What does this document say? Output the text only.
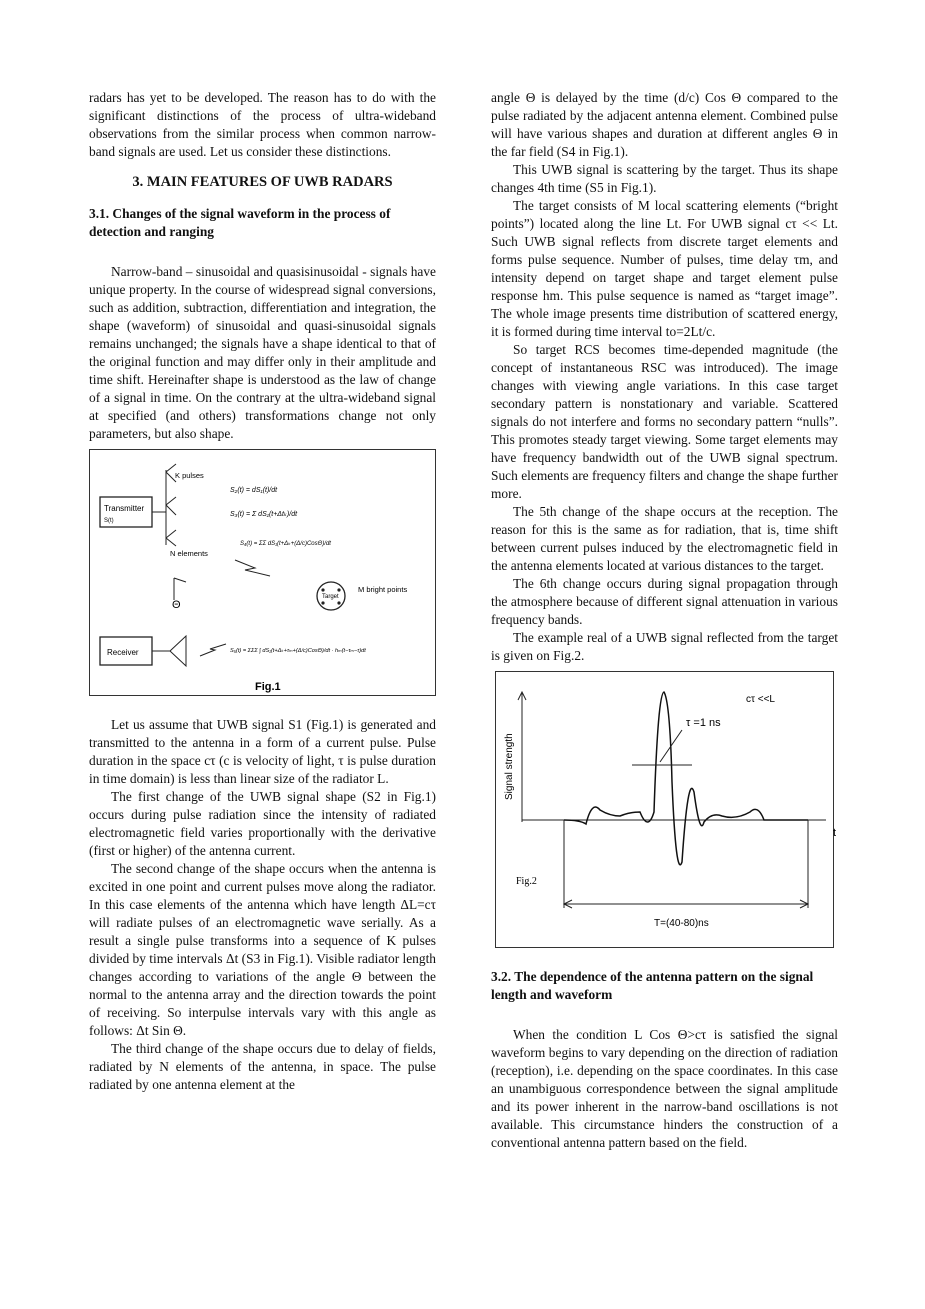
radars has yet to be developed. The reason has to do with the significant distinctions of the process of ultra-wideband observations from the similar process when common narrow-band signals are used. Let us consider these distinctions.

3. MAIN FEATURES OF UWB RADARS

3.1. Changes of the signal waveform in the process of detection and ranging

Narrow-band – sinusoidal and quasisinusoidal - signals have unique property. In the course of widespread signal conversions, such as addition, subtraction, differentiation and integration, the shape (waveform) of sinusoidal and quasi-sinusoidal signals remains unchanged; the signals have a shape identical to that of the original function and may differ only in their amplitude and time shift. Hereinafter shape is understood as the law of change of a signal in time. On the contrary at the ultra-wideband signal at specified (and others) transformations change not only parameters, but also shape.

Transmitter
S(t)
K pulses
N elements
S₂(t) = dS₁(t)/dt
S₃(t) = Σ dS₁(t+Δtₖ)/dt
S₄(t) = ΣΣ dS₁(t+Δₖ+(Δ/c)CosΘ)/dt
Θ
Target
M bright points
Receiver	S₅(t) = ΣΣΣ ∫ dS₁(t+Δₖ+τₘ+(Δ/c)CosΘ)/dt · hₘ(t−τₘ−τ)dt
Fig.1

Let us assume that UWB signal S1 (Fig.1) is generated and transmitted to the antenna in a form of a current pulse. Pulse duration in the space cτ (c is velocity of light, τ is pulse duration in time domain) is less than linear size of the radiator L.

The first change of the UWB signal shape (S2 in Fig.1) occurs during pulse radiation since the intensity of radiated electromagnetic field varies proportionally with the derivative (first or higher) of the antenna current.

The second change of the shape occurs when the antenna is excited in one point and current pulses move along the radiator. In this case elements of the antenna which have length ΔL=cτ will radiate pulses of an electromagnetic wave serially. As a result a single pulse transforms into a sequence of K pulses divided by time intervals Δt (S3 in Fig.1). Visible radiator length changes according to variations of the angle Θ between the normal to the antenna array and the direction towards the point of receiving. So interpulse intervals vary with this angle as follows: Δt Sin Θ.

The third change of the shape occurs due to delay of fields, radiated by N elements of the antenna, in space. The pulse radiated by one antenna element at the

angle Θ is delayed by the time (d/c) Cos Θ compared to the pulse radiated by the adjacent antenna element. Combined pulse will have various shapes and duration at different angles Θ in the far field (S4 in Fig.1).

This UWB signal is scattering by the target. Thus its shape changes 4th time (S5 in Fig.1).

The target consists of M local scattering elements (“bright points”) located along the line Lt. For UWB signal cτ << Lt. Such UWB signal reflects from discrete target elements and forms pulse sequence. Number of pulses, time delay τm, and intensity depend on target shape and target element pulse response hm. This pulse sequence is named as “target image”. The whole image presents time distribution of scattered energy, it is formed during time interval to=2Lt/c.

So target RCS becomes time-depended magnitude (the concept of instantaneous RSC was introduced). The image changes with viewing angle variations. In this case target secondary pattern is nonstationary and variable. Scattered signals do not interfere and forms no secondary pattern “nulls”. This promotes steady target viewing. Some target elements may have frequency bandwidth out of the UWB signal spectrum. Such elements are frequency filters and change the shape further more.

The 5th change of the shape occurs at the reception. The reason for this is the same as for radiation, that is, time shift between current pulses induced by the electromagnetic field in the antenna elements located at various distances to the target.

The 6th change occurs during signal propagation through the atmosphere because of different signal attenuation in various frequency bands.

The example real of a UWB signal reflected from the target is given on Fig.2.

Signal strength
t
τ =1 ns
cτ <<L
T=(40-80)ns
Fig.2

3.2. The dependence of the antenna pattern on the signal length and waveform

When the condition L Cos Θ>cτ is satisfied the signal waveform begins to vary depending on the direction of radiation (reception), i.e. depending on the space coordinates. In this case an unambiguous correspondence between the signal amplitude and its power inherent in the narrow-band oscillations is not available. This circumstance hinders the construction of a conventional antenna pattern based on the field.
